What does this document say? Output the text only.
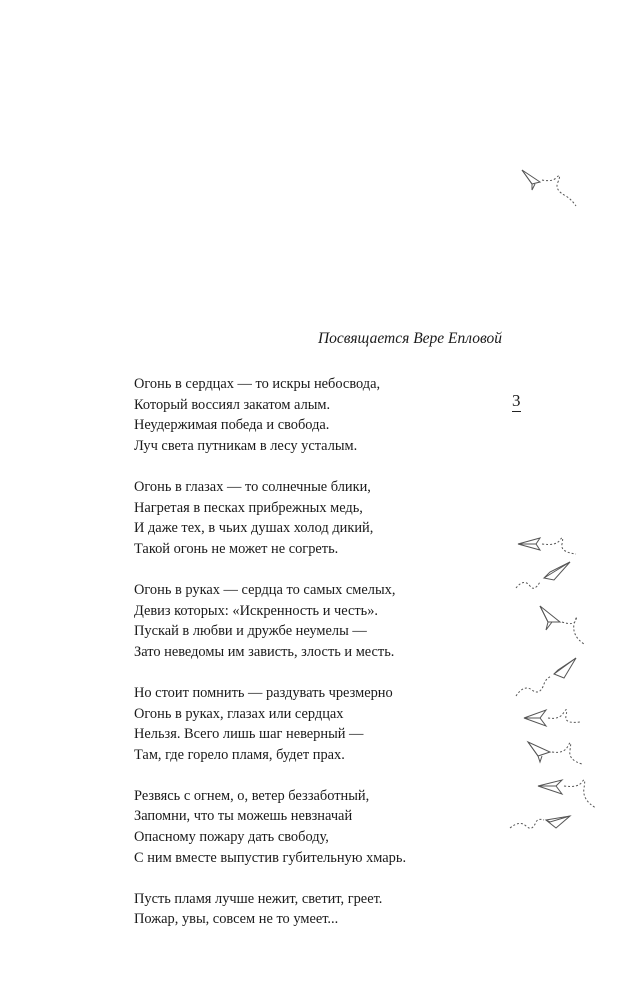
Посвящается Вере Епловой
3
Огонь в сердцах — то искры небосвода,
Который воссиял закатом алым.
Неудержимая победа и свобода.
Луч света путникам в лесу усталым.
Огонь в глазах — то солнечные блики,
Нагретая в песках прибрежных медь,
И даже тех, в чьих душах холод дикий,
Такой огонь не может не согреть.
Огонь в руках — сердца то самых смелых,
Девиз которых: «Искренность и честь».
Пускай в любви и дружбе неумелы —
Зато неведомы им зависть, злость и месть.
Но стоит помнить — раздувать чрезмерно
Огонь в руках, глазах или сердцах
Нельзя. Всего лишь шаг неверный —
Там, где горело пламя, будет прах.
Резвясь с огнем, о, ветер беззаботный,
Запомни, что ты можешь невзначай
Опасному пожару дать свободу,
С ним вместе выпустив губительную хмарь.
Пусть пламя лучше нежит, светит, греет.
Пожар, увы, совсем не то умеет...
